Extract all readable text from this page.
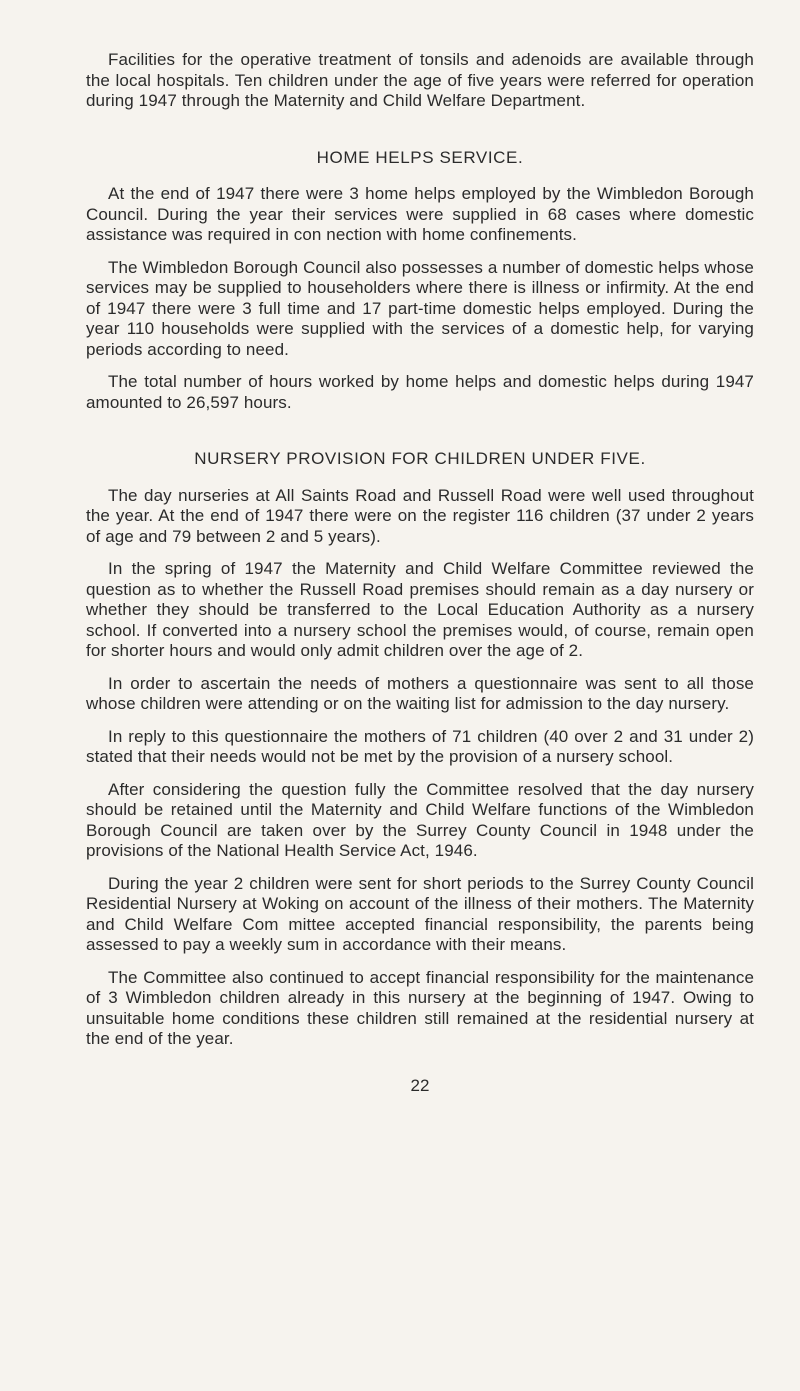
Facilities for the operative treatment of tonsils and adenoids are available through the local hospitals. Ten children under the age of five years were referred for operation during 1947 through the Maternity and Child Welfare Department.

HOME HELPS SERVICE.

At the end of 1947 there were 3 home helps employed by the Wimbledon Borough Council. During the year their services were supplied in 68 cases where domestic assistance was required in con nection with home confinements.

The Wimbledon Borough Council also possesses a number of domestic helps whose services may be supplied to householders where there is illness or infirmity. At the end of 1947 there were 3 full time and 17 part-time domestic helps employed. During the year 110 households were supplied with the services of a domestic help, for varying periods according to need.

The total number of hours worked by home helps and domestic helps during 1947 amounted to 26,597 hours.

NURSERY PROVISION FOR CHILDREN UNDER FIVE.

The day nurseries at All Saints Road and Russell Road were well used throughout the year. At the end of 1947 there were on the register 116 children (37 under 2 years of age and 79 between 2 and 5 years).

In the spring of 1947 the Maternity and Child Welfare Committee reviewed the question as to whether the Russell Road premises should remain as a day nursery or whether they should be transferred to the Local Education Authority as a nursery school. If converted into a nursery school the premises would, of course, remain open for shorter hours and would only admit children over the age of 2.

In order to ascertain the needs of mothers a questionnaire was sent to all those whose children were attending or on the waiting list for admission to the day nursery.

In reply to this questionnaire the mothers of 71 children (40 over 2 and 31 under 2) stated that their needs would not be met by the provision of a nursery school.

After considering the question fully the Committee resolved that the day nursery should be retained until the Maternity and Child Welfare functions of the Wimbledon Borough Council are taken over by the Surrey County Council in 1948 under the provisions of the National Health Service Act, 1946.

During the year 2 children were sent for short periods to the Surrey County Council Residential Nursery at Woking on account of the illness of their mothers. The Maternity and Child Welfare Com mittee accepted financial responsibility, the parents being assessed to pay a weekly sum in accordance with their means.

The Committee also continued to accept financial responsibility for the maintenance of 3 Wimbledon children already in this nursery at the beginning of 1947. Owing to unsuitable home conditions these children still remained at the residential nursery at the end of the year.

22
